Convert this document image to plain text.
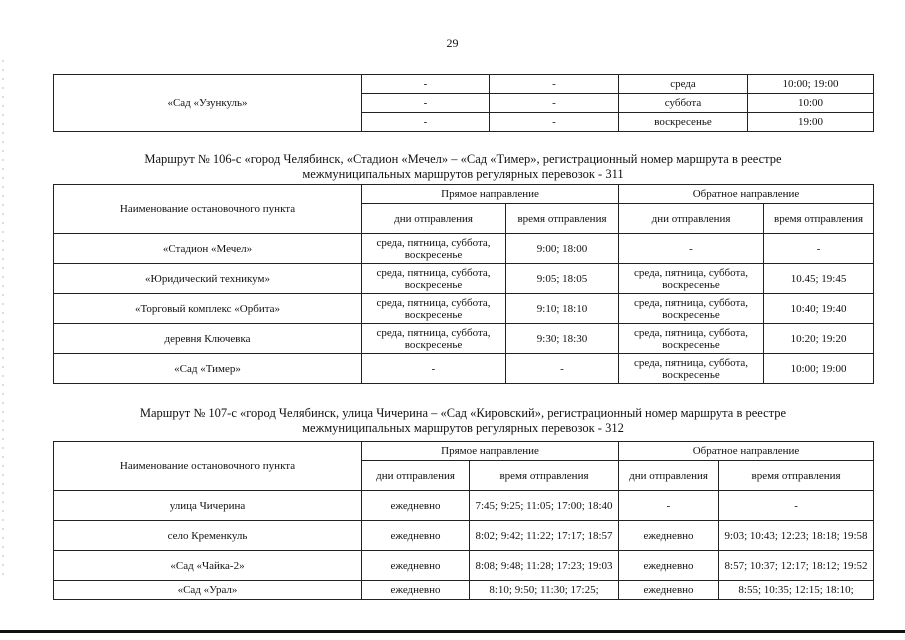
29
«Сад «Узункуль»	-	-	среда	10:00; 19:00
	-	-	суббота	10:00
	-	-	воскресенье	19:00
Маршрут № 106-с «город Челябинск, «Стадион «Мечел» – «Сад «Тимер», регистрационный номер маршрута в реестре
межмуниципальных маршрутов регулярных перевозок - 311
Наименование остановочного пункта	Прямое направление		Обратное направление	
	дни отправления	время отправления	дни отправления	время отправления
«Стадион «Мечел»	среда, пятница, суббота, воскресенье	9:00; 18:00	-	-
«Юридический техникум»	среда, пятница, суббота, воскресенье	9:05; 18:05	среда, пятница, суббота, воскресенье	10.45; 19:45
«Торговый комплекс «Орбита»	среда, пятница, суббота, воскресенье	9:10; 18:10	среда, пятница, суббота, воскресенье	10:40; 19:40
деревня Ключевка	среда, пятница, суббота, воскресенье	9:30; 18:30	среда, пятница, суббота, воскресенье	10:20; 19:20
«Сад «Тимер»	-	-	среда, пятница, суббота, воскресенье	10:00; 19:00
Маршрут № 107-с «город Челябинск, улица Чичерина – «Сад «Кировский», регистрационный номер маршрута в реестре
межмуниципальных маршрутов регулярных перевозок - 312
Наименование остановочного пункта	Прямое направление		Обратное направление	
	дни отправления	время отправления	дни отправления	время отправления
улица Чичерина	ежедневно	7:45; 9:25; 11:05; 17:00; 18:40	-	-
село Кременкуль	ежедневно	8:02; 9:42; 11:22; 17:17; 18:57	ежедневно	9:03; 10:43; 12:23; 18:18; 19:58
«Сад «Чайка-2»	ежедневно	8:08; 9:48; 11:28; 17:23; 19:03	ежедневно	8:57; 10:37; 12:17; 18:12; 19:52
«Сад «Урал»	ежедневно	8:10; 9:50; 11:30; 17:25;	ежедневно	8:55; 10:35; 12:15; 18:10;
